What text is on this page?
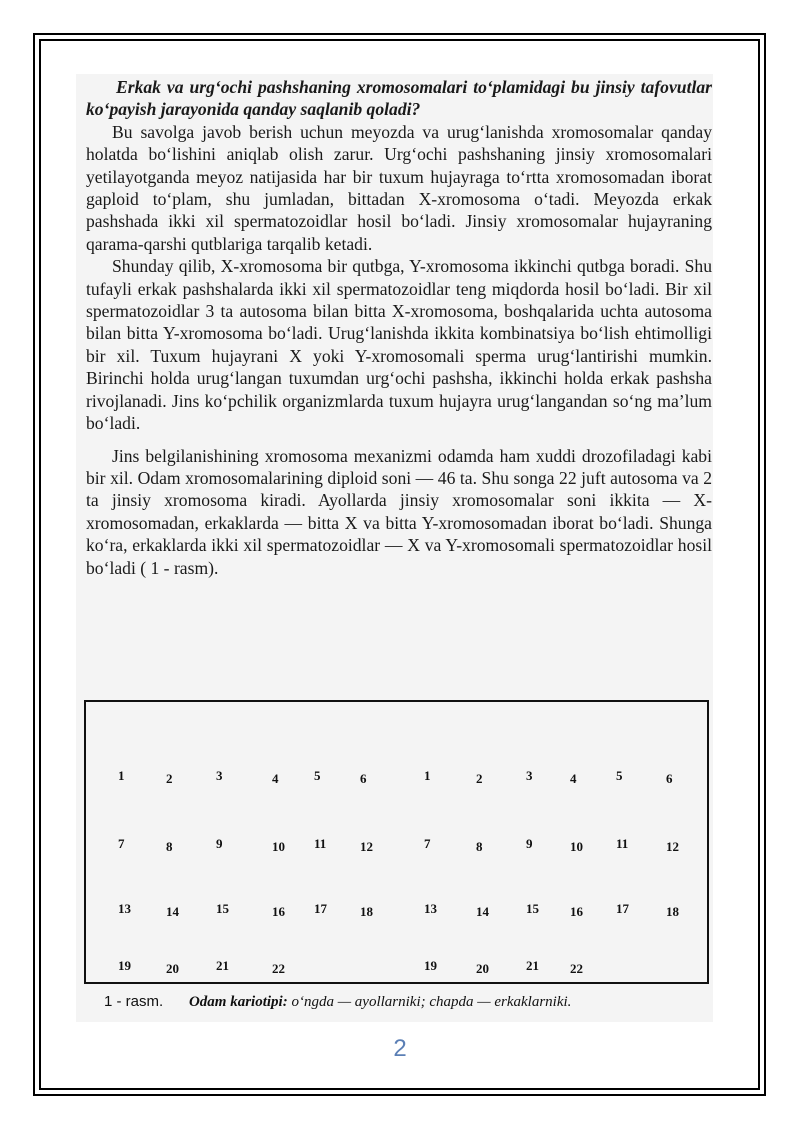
Erkak va urg‘ochi pashshaning xromosomalari to‘plamidagi bu jinsiy tafovutlar ko‘payish jarayonida qanday saqlanib qoladi?

Bu savolga javob berish uchun meyozda va urug‘lanishda xromosomalar qanday holatda bo‘lishini aniqlab olish zarur. Urg‘ochi pashshaning jinsiy xromosomalari yetilayotganda meyoz natijasida har bir tuxum hujayraga to‘rtta xromosomadan iborat gaploid to‘plam, shu jumladan, bittadan X-xromosoma o‘tadi. Meyozda erkak pashshada ikki xil spermatozoidlar hosil bo‘ladi. Jinsiy xromosomalar hujayraning qarama-qarshi qutblariga tarqalib ketadi.

Shunday qilib, X-xromosoma bir qutbga, Y-xromosoma ikkinchi qutbga boradi. Shu tufayli erkak pashshalarda ikki xil spermatozoidlar teng miqdorda hosil bo‘ladi. Bir xil spermatozoidlar 3 ta autosoma bilan bitta X-xromosoma, boshqalarida uchta autosoma bilan bitta Y-xromosoma bo‘ladi. Urug‘lanishda ikkita kombinatsiya bo‘lish ehtimolligi bir xil. Tuxum hujayrani X yoki Y-xromosomali sperma urug‘lantirishi mumkin. Birinchi holda urug‘langan tuxumdan urg‘ochi pashsha, ikkinchi holda erkak pashsha rivojlanadi. Jins ko‘pchilik organizmlarda tuxum hujayra urug‘langandan so‘ng ma’lum bo‘ladi.

Jins belgilanishining xromosoma mexanizmi odamda ham xuddi drozofiladagi kabi bir xil. Odam xromosomalarining diploid soni — 46 ta. Shu songa 22 juft autosoma va 2 ta jinsiy xromosoma kiradi. Ayollarda jinsiy xromosomalar soni ikkita — X-xromosomadan, erkaklarda — bitta X va bitta Y-xromosomadan iborat bo‘ladi. Shunga ko‘ra, erkaklarda ikki xil spermatozoidlar — X va Y-xromosomali spermatozoidlar hosil bo‘ladi ( 1 - rasm).

1	2	3	4	5	6
7	8	9	10 11	12
13	14	15	16 17	18
19	20	21	22
1	2	3	4	5	6
7	8	9	10	11	12
13	14	15 16	17	18
19	20	21 22
1 - rasm. Odam kariotipi: o‘ngda — ayollarniki; chapda — erkaklarniki.
2
